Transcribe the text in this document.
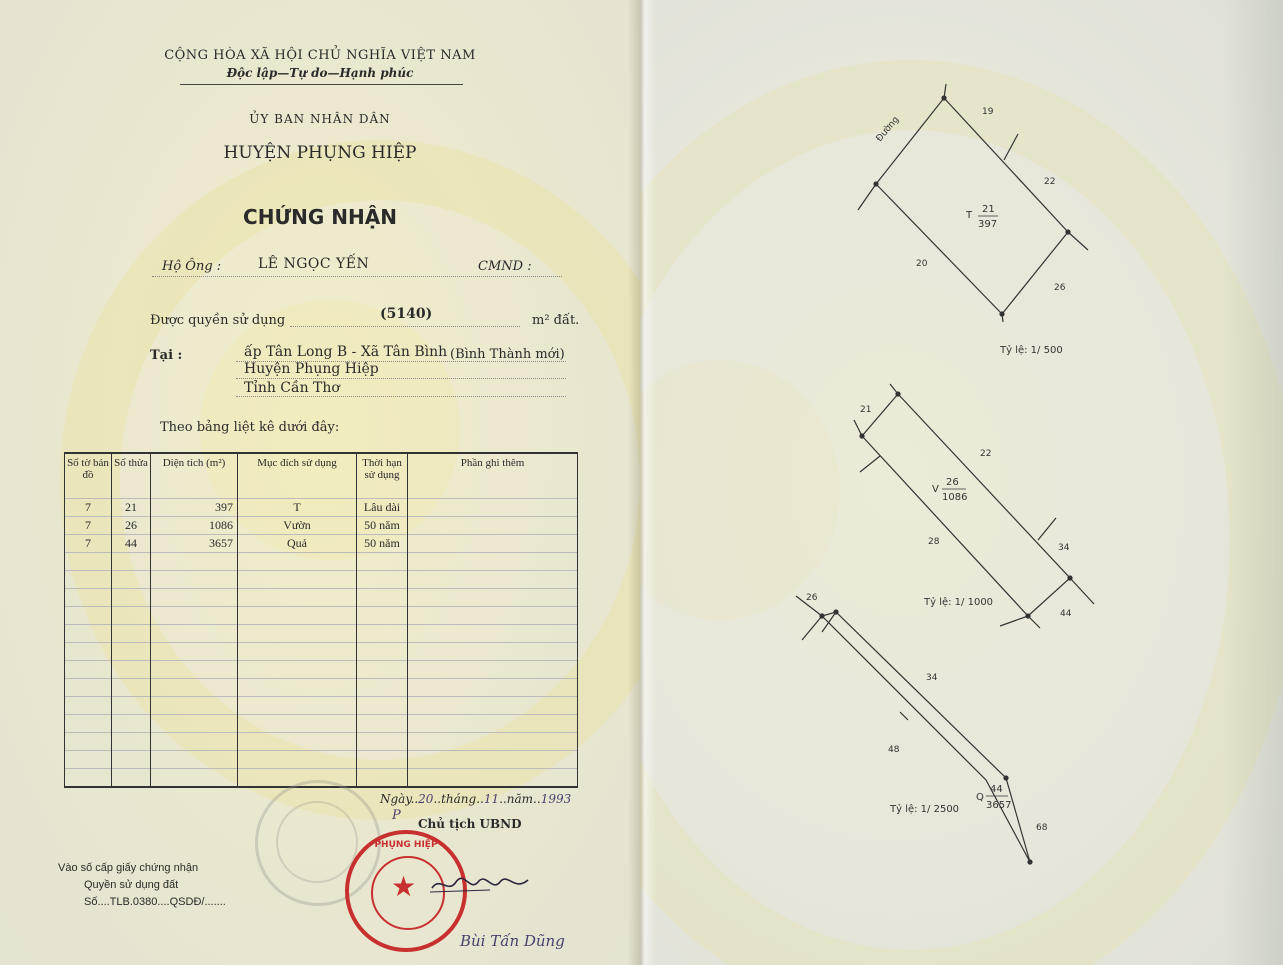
CỘNG HÒA XÃ HỘI CHỦ NGHĨA VIỆT NAM
Độc lập—Tự do—Hạnh phúc
ỦY BAN NHÂN DÂN
HUYỆN PHỤNG HIỆP
CHỨNG NHẬN
Hộ Ông :	LÊ NGỌC YẾN	CMND :
Được quyền sử dụng	(5140)	m² đất.
Tại :	ấp Tân Long B - Xã Tân Bình (Bình Thành mới)
Huyện Phụng Hiệp
Tỉnh Cần Thơ
Theo bảng liệt kê dưới đây:
Số tờ bản đồ	Số thửa	Diện tích (m²)	Mục đích sử dụng	Thời hạn sử dụng	Phần ghi thêm
7	21	397	T	Lâu dài	
7	26	1086	Vườn	50 năm	
7	44	3657	Quả	50 năm	

Ngày..20..tháng..11..năm..1993
P
Chủ tịch UBND
PHỤNG HIỆP
★
Bùi Tấn Dũng
Vào số cấp giấy chứng nhận
Quyền sử dụng đất
Số....TLB.0380....QSDĐ/.......
Đường
19
22
20
26
T
21
397
Tỷ lệ: 1/ 500
21
22
28
34
44
V
26
1086
Tỷ lệ: 1/ 1000
26
34
48
68
Q
44
3657
Tỷ lệ: 1/ 2500
